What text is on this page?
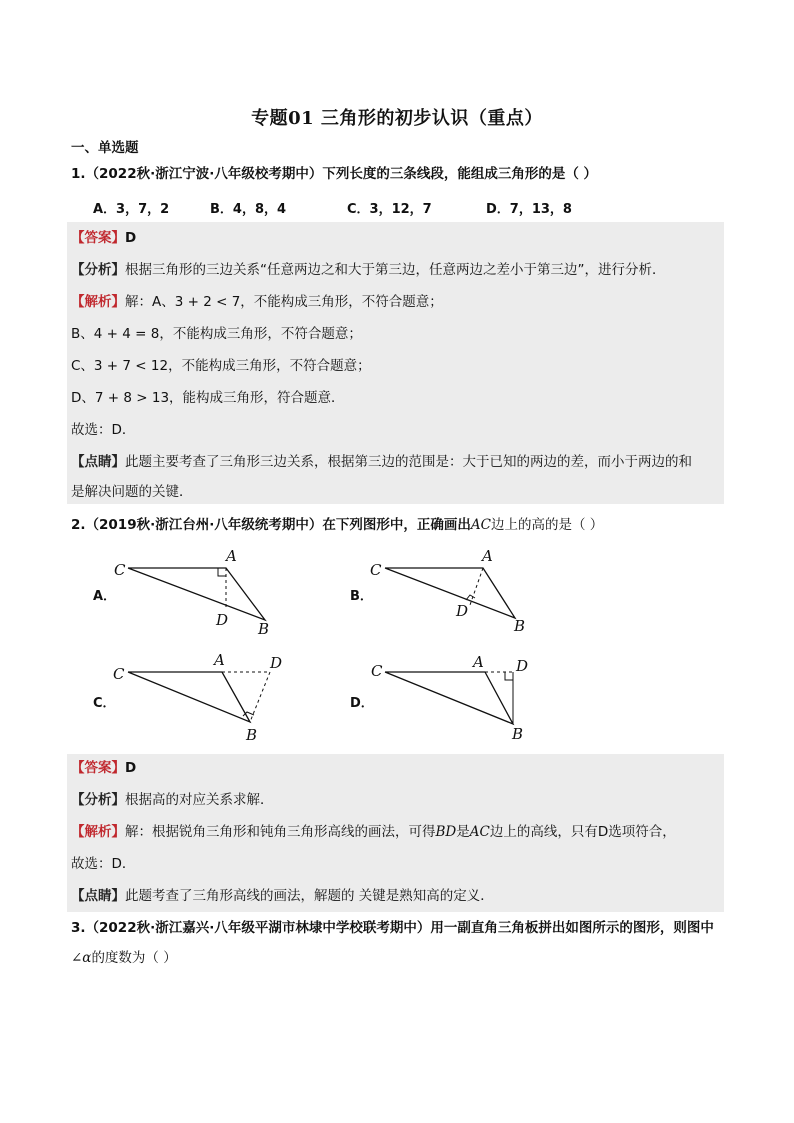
专题01 三角形的初步认识（重点）
一、单选题
1.（2022秋·浙江宁波·八年级校考期中）下列长度的三条线段，能组成三角形的是（ ）
A．3，7，2	B．4，8，4	C．3，12，7	D．7，13，8
【答案】D
【分析】根据三角形的三边关系“任意两边之和大于第三边，任意两边之差小于第三边”，进行分析．
【解析】解：A、3 + 2 < 7，不能构成三角形，不符合题意；
B、4 + 4 = 8，不能构成三角形，不符合题意；
C、3 + 7 < 12，不能构成三角形，不符合题意；
D、7 + 8 > 13，能构成三角形，符合题意．
故选：D．
【点睛】此题主要考查了三角形三边关系，根据第三边的范围是：大于已知的两边的差，而小于两边的和
是解决问题的关键．
2.（2019秋·浙江台州·八年级统考期中）在下列图形中，正确画出AC边上的高的是（ ）
A．	B．
C．	D．
C
A
D B
C
A
D
B
C
A	D
B
C	A D
B
【答案】D
【分析】根据高的对应关系求解．
【解析】解：根据锐角三角形和钝角三角形高线的画法，可得BD是AC边上的高线，只有D选项符合，
故选：D．
【点睛】此题考查了三角形高线的画法，解题的 关键是熟知高的定义．
3.（2022秋·浙江嘉兴·八年级平湖市林埭中学校联考期中）用一副直角三角板拼出如图所示的图形，则图中
∠α的度数为（ ）
